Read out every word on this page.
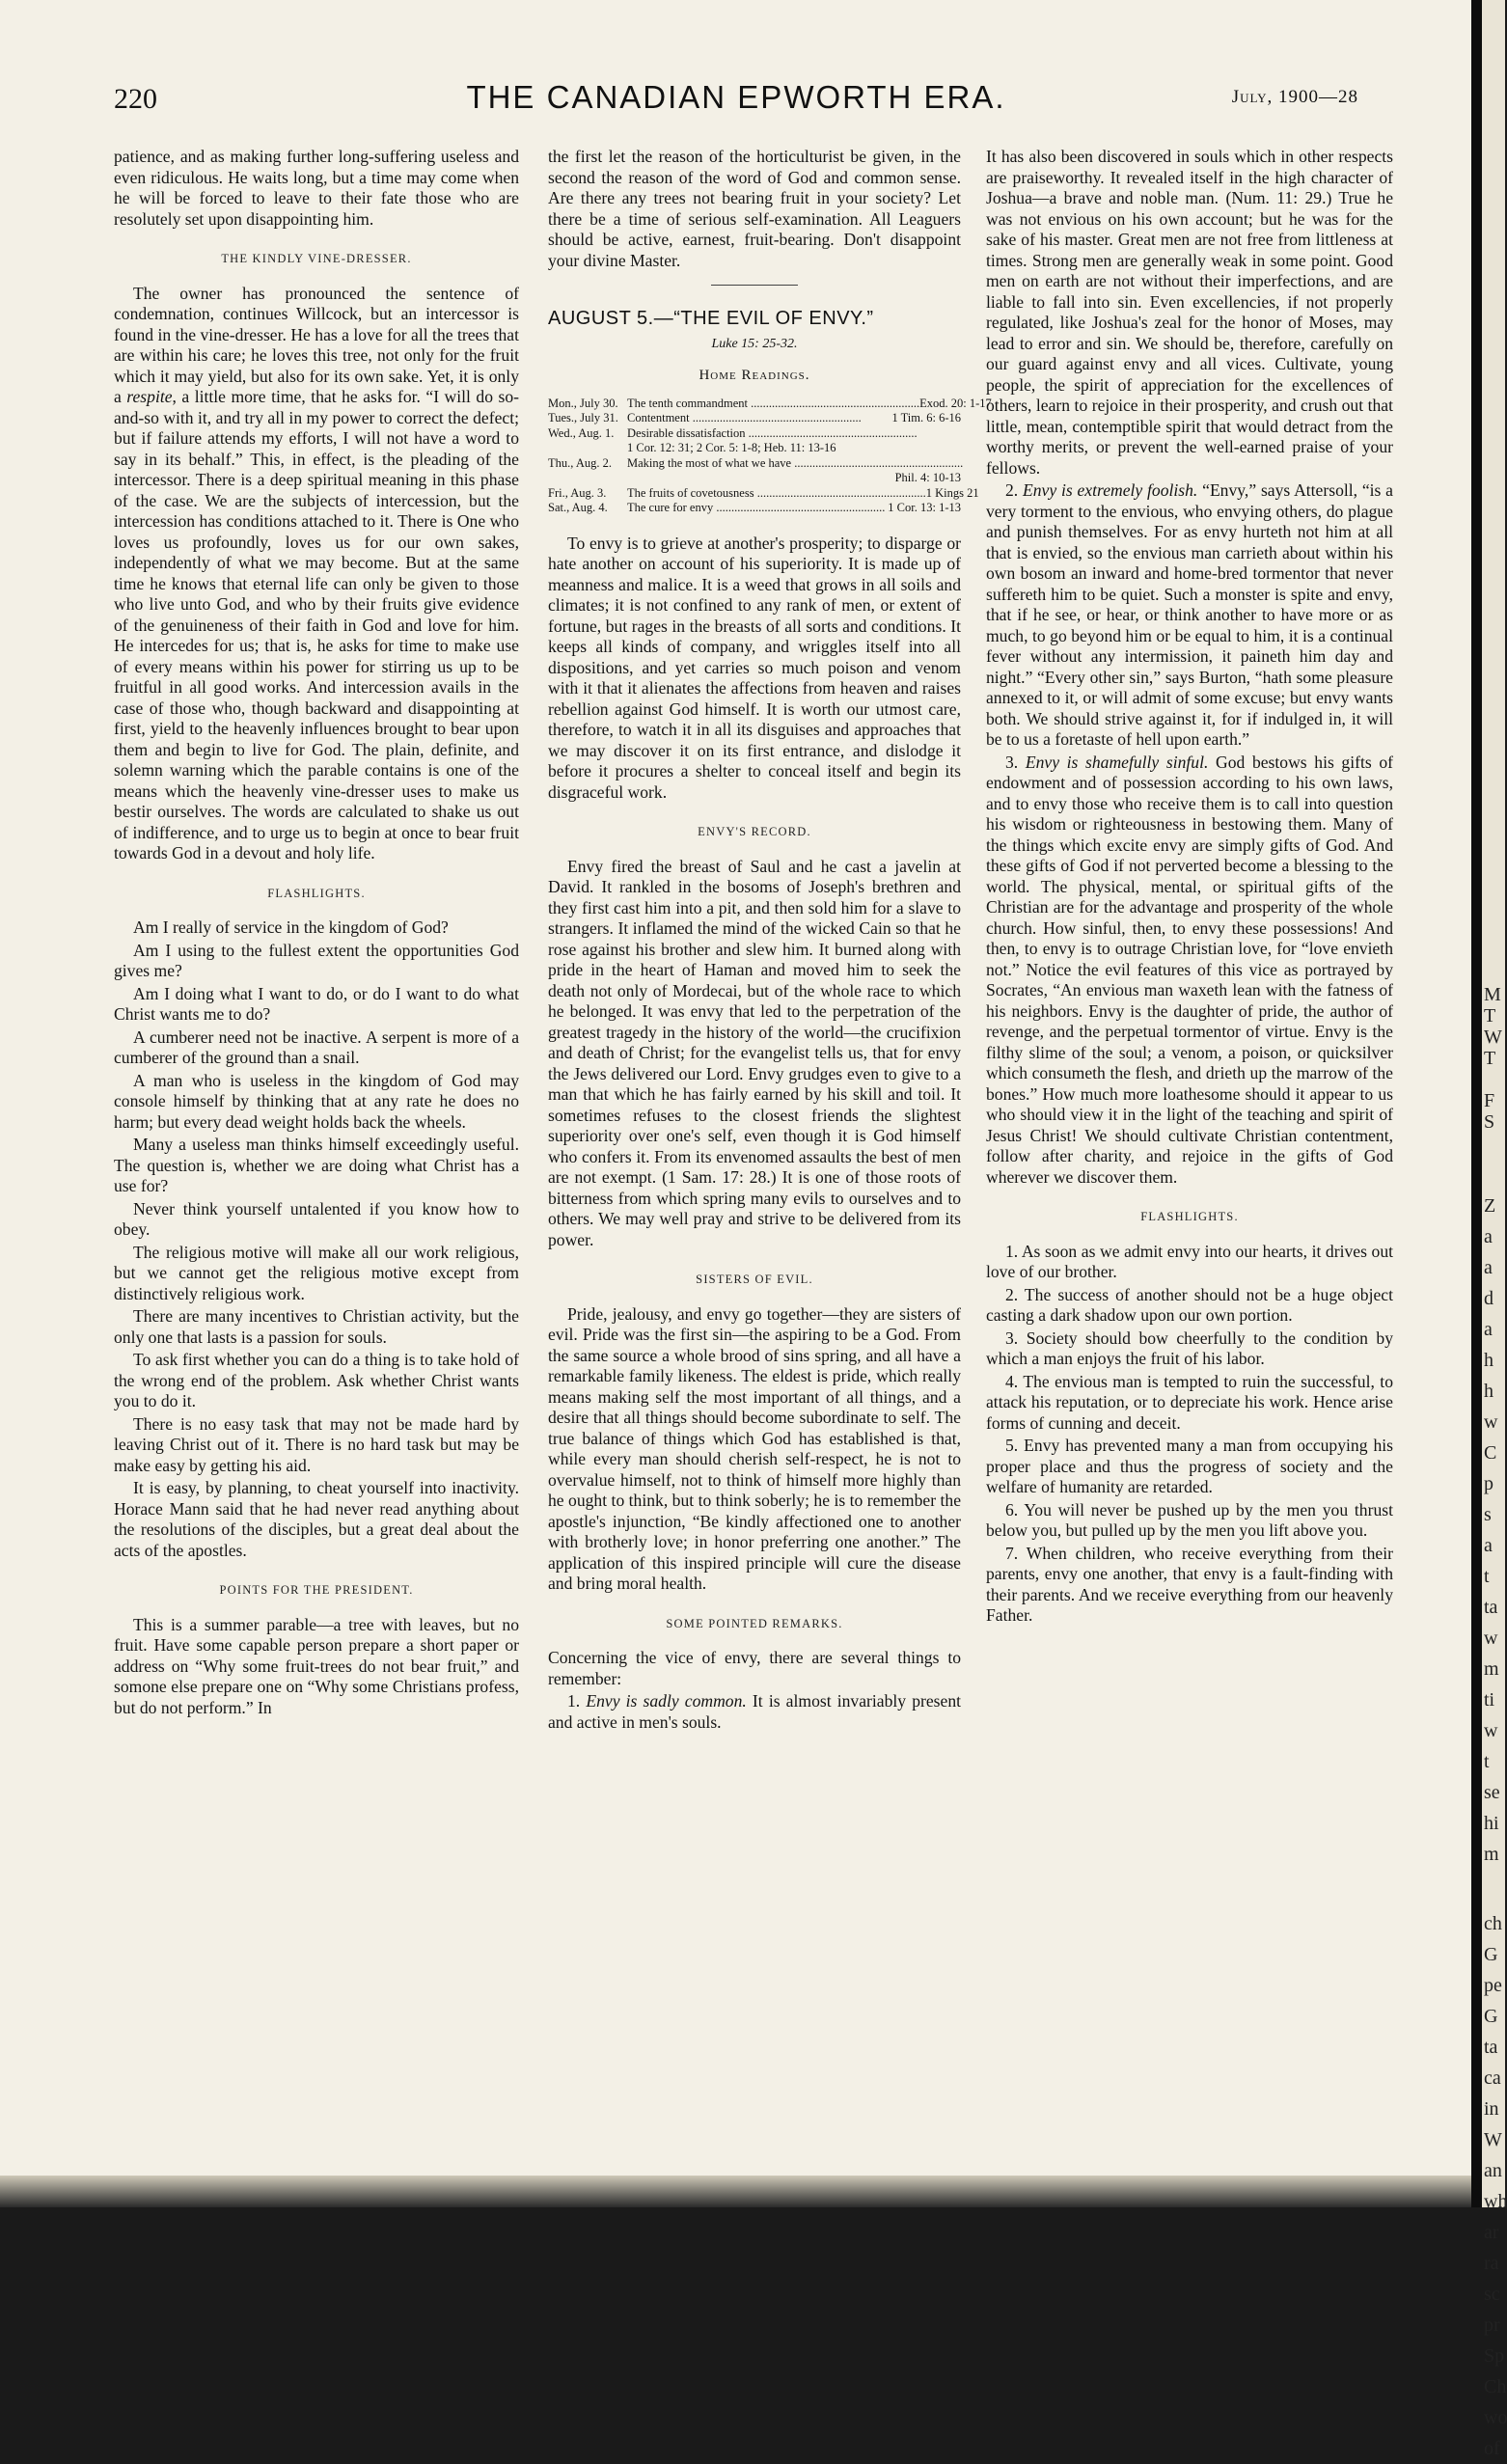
220	THE CANADIAN EPWORTH ERA.	July, 1900—28

patience, and as making further long-suffering useless and even ridiculous. He waits long, but a time may come when he will be forced to leave to their fate those who are resolutely set upon disappointing him.

THE KINDLY VINE-DRESSER.

The owner has pronounced the sentence of condemnation, continues Willcock, but an intercessor is found in the vine-dresser. He has a love for all the trees that are within his care; he loves this tree, not only for the fruit which it may yield, but also for its own sake. Yet, it is only a respite, a little more time, that he asks for. “I will do so-and-so with it, and try all in my power to correct the defect; but if failure attends my efforts, I will not have a word to say in its behalf.” This, in effect, is the pleading of the intercessor. There is a deep spiritual meaning in this phase of the case. We are the subjects of intercession, but the intercession has conditions attached to it. There is One who loves us profoundly, loves us for our own sakes, independently of what we may become. But at the same time he knows that eternal life can only be given to those who live unto God, and who by their fruits give evidence of the genuineness of their faith in God and love for him. He intercedes for us; that is, he asks for time to make use of every means within his power for stirring us up to be fruitful in all good works. And intercession avails in the case of those who, though backward and disappointing at first, yield to the heavenly influences brought to bear upon them and begin to live for God. The plain, definite, and solemn warning which the parable contains is one of the means which the heavenly vine-dresser uses to make us bestir ourselves. The words are calculated to shake us out of indifference, and to urge us to begin at once to bear fruit towards God in a devout and holy life.

FLASHLIGHTS.

Am I really of service in the kingdom of God?

Am I using to the fullest extent the opportunities God gives me?

Am I doing what I want to do, or do I want to do what Christ wants me to do?

A cumberer need not be inactive. A serpent is more of a cumberer of the ground than a snail.

A man who is useless in the kingdom of God may console himself by thinking that at any rate he does no harm; but every dead weight holds back the wheels.

Many a useless man thinks himself exceedingly useful. The question is, whether we are doing what Christ has a use for?

Never think yourself untalented if you know how to obey.

The religious motive will make all our work religious, but we cannot get the religious motive except from distinctively religious work.

There are many incentives to Christian activity, but the only one that lasts is a passion for souls.

To ask first whether you can do a thing is to take hold of the wrong end of the problem. Ask whether Christ wants you to do it.

There is no easy task that may not be made hard by leaving Christ out of it. There is no hard task but may be make easy by getting his aid.

It is easy, by planning, to cheat yourself into inactivity. Horace Mann said that he had never read anything about the resolutions of the disciples, but a great deal about the acts of the apostles.

POINTS FOR THE PRESIDENT.

This is a summer parable—a tree with leaves, but no fruit. Have some capable person prepare a short paper or address on “Why some fruit-trees do not bear fruit,” and somone else prepare one on “Why some Christians profess, but do not perform.” In

the first let the reason of the horticulturist be given, in the second the reason of the word of God and common sense. Are there any trees not bearing fruit in your society? Let there be a time of serious self-examination. All Leaguers should be active, earnest, fruit-bearing. Don't disappoint your divine Master.

AUGUST 5.—“THE EVIL OF ENVY.”
Luke 15: 25-32.
Home Readings.
Mon., July 30. The tenth commandment .....	Exod. 20: 1-17
Tues., July 31. Contentment .....	1 Tim. 6: 6-16
Wed., Aug. 1.	Desirable dissatisfaction .....
1 Cor. 12: 31; 2 Cor. 5: 1-8; Heb. 11: 13-16
Thu., Aug. 2.	Making the most of what we have .....
Phil. 4: 10-13
Fri., Aug. 3.	The fruits of covetousness .....	1 Kings 21
Sat., Aug. 4.	The cure for envy .....	1 Cor. 13: 1-13

To envy is to grieve at another's prosperity; to disparge or hate another on account of his superiority. It is made up of meanness and malice. It is a weed that grows in all soils and climates; it is not confined to any rank of men, or extent of fortune, but rages in the breasts of all sorts and conditions. It keeps all kinds of company, and wriggles itself into all dispositions, and yet carries so much poison and venom with it that it alienates the affections from heaven and raises rebellion against God himself. It is worth our utmost care, therefore, to watch it in all its disguises and approaches that we may discover it on its first entrance, and dislodge it before it procures a shelter to conceal itself and begin its disgraceful work.

ENVY'S RECORD.

Envy fired the breast of Saul and he cast a javelin at David. It rankled in the bosoms of Joseph's brethren and they first cast him into a pit, and then sold him for a slave to strangers. It inflamed the mind of the wicked Cain so that he rose against his brother and slew him. It burned along with pride in the heart of Haman and moved him to seek the death not only of Mordecai, but of the whole race to which he belonged. It was envy that led to the perpetration of the greatest tragedy in the history of the world—the crucifixion and death of Christ; for the evangelist tells us, that for envy the Jews delivered our Lord. Envy grudges even to give to a man that which he has fairly earned by his skill and toil. It sometimes refuses to the closest friends the slightest superiority over one's self, even though it is God himself who confers it. From its envenomed assaults the best of men are not exempt. (1 Sam. 17: 28.) It is one of those roots of bitterness from which spring many evils to ourselves and to others. We may well pray and strive to be delivered from its power.

SISTERS OF EVIL.

Pride, jealousy, and envy go together—they are sisters of evil. Pride was the first sin—the aspiring to be a God. From the same source a whole brood of sins spring, and all have a remarkable family likeness. The eldest is pride, which really means making self the most important of all things, and a desire that all things should become subordinate to self. The true balance of things which God has established is that, while every man should cherish self-respect, he is not to overvalue himself, not to think of himself more highly than he ought to think, but to think soberly; he is to remember the apostle's injunction, “Be kindly affectioned one to another with brotherly love; in honor preferring one another.” The application of this inspired principle will cure the disease and bring moral health.

SOME POINTED REMARKS.

Concerning the vice of envy, there are several things to remember:

1. Envy is sadly common. It is almost invariably present and active in men's souls.

It has also been discovered in souls which in other respects are praiseworthy. It revealed itself in the high character of Joshua—a brave and noble man. (Num. 11: 29.) True he was not envious on his own account; but he was for the sake of his master. Great men are not free from littleness at times. Strong men are generally weak in some point. Good men on earth are not without their imperfections, and are liable to fall into sin. Even excellencies, if not properly regulated, like Joshua's zeal for the honor of Moses, may lead to error and sin. We should be, therefore, carefully on our guard against envy and all vices. Cultivate, young people, the spirit of appreciation for the excellences of others, learn to rejoice in their prosperity, and crush out that little, mean, contemptible spirit that would detract from the worthy merits, or prevent the well-earned praise of your fellows.

2. Envy is extremely foolish. “Envy,” says Attersoll, “is a very torment to the envious, who envying others, do plague and punish themselves. For as envy hurteth not him at all that is envied, so the envious man carrieth about within his own bosom an inward and home-bred tormentor that never suffereth him to be quiet. Such a monster is spite and envy, that if he see, or hear, or think another to have more or as much, to go beyond him or be equal to him, it is a continual fever without any intermission, it paineth him day and night.” “Every other sin,” says Burton, “hath some pleasure annexed to it, or will admit of some excuse; but envy wants both. We should strive against it, for if indulged in, it will be to us a foretaste of hell upon earth.”

3. Envy is shamefully sinful. God bestows his gifts of endowment and of possession according to his own laws, and to envy those who receive them is to call into question his wisdom or righteousness in bestowing them. Many of the things which excite envy are simply gifts of God. And these gifts of God if not perverted become a blessing to the world. The physical, mental, or spiritual gifts of the Christian are for the advantage and prosperity of the whole church. How sinful, then, to envy these possessions! And then, to envy is to outrage Christian love, for “love envieth not.” Notice the evil features of this vice as portrayed by Socrates, “An envious man waxeth lean with the fatness of his neighbors. Envy is the daughter of pride, the author of revenge, and the perpetual tormentor of virtue. Envy is the filthy slime of the soul; a venom, a poison, or quicksilver which consumeth the flesh, and drieth up the marrow of the bones.” How much more loathesome should it appear to us who should view it in the light of the teaching and spirit of Jesus Christ! We should cultivate Christian contentment, follow after charity, and rejoice in the gifts of God wherever we discover them.

FLASHLIGHTS.

1. As soon as we admit envy into our hearts, it drives out love of our brother.

2. The success of another should not be a huge object casting a dark shadow upon our own portion.

3. Society should bow cheerfully to the condition by which a man enjoys the fruit of his labor.

4. The envious man is tempted to ruin the successful, to attack his reputation, or to depreciate his work. Hence arise forms of cunning and deceit.

5. Envy has prevented many a man from occupying his proper place and thus the progress of society and the welfare of humanity are retarded.

6. You will never be pushed up by the men you thrust below you, but pulled up by the men you lift above you.

7. When children, who receive everything from their parents, envy one another, that envy is a fault-finding with their parents. And we receive everything from our heavenly Father.

M
T
W
T

F
S
Z
a
a
d
a
h
h
w
C
p
s
a
t
ta
w
m
ti
w
t
se
hi
m
ch
G
pe
G
ta
ca
in
W
an
wh
ar
ra
sc
pr
Sp
Ch
wo
of
